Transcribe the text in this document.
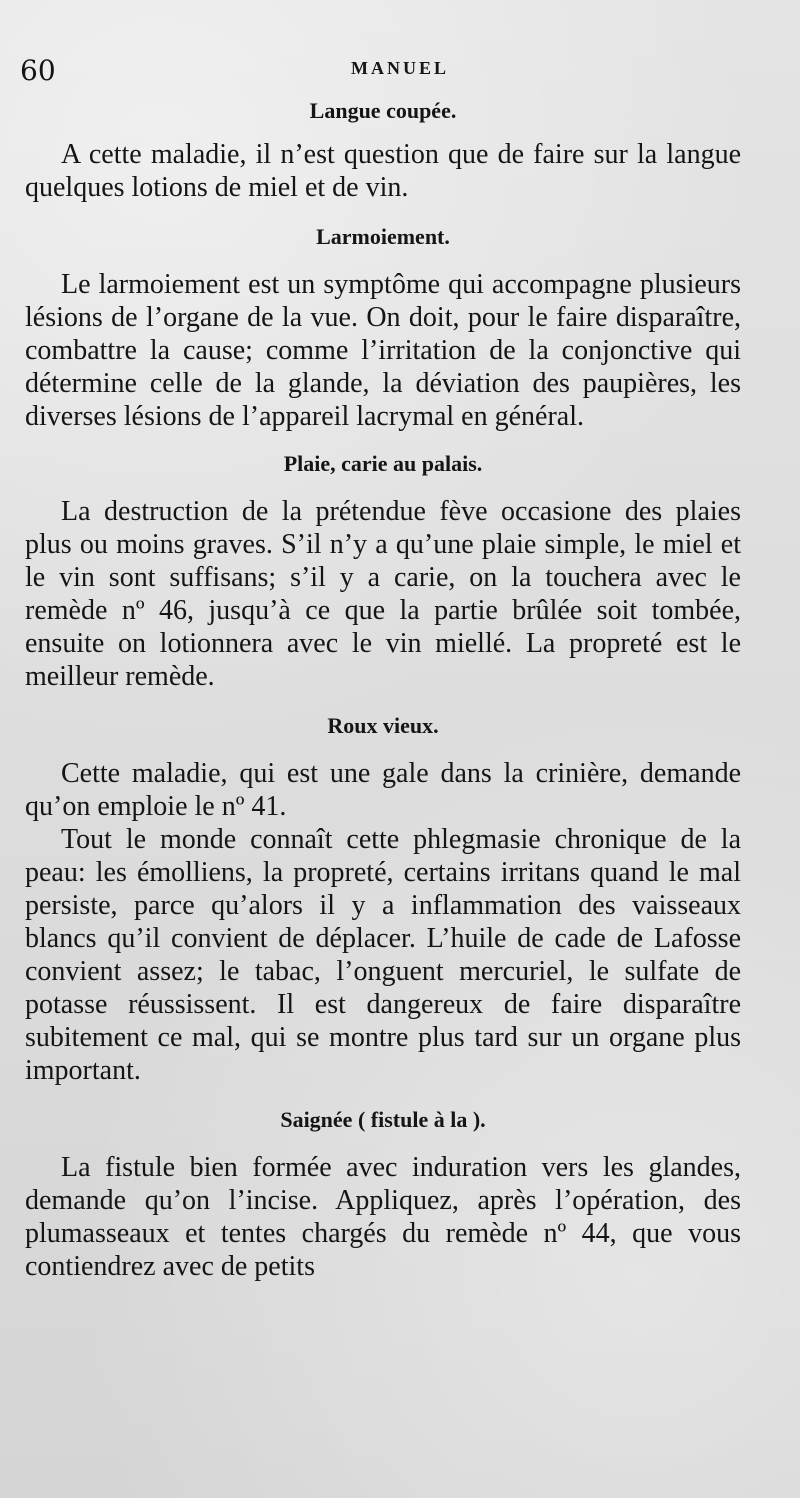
60	MANUEL
Langue coupée.

A cette maladie, il n’est question que de faire sur la langue quelques lotions de miel et de vin.

Larmoiement.

Le larmoiement est un symptôme qui accompagne plusieurs lésions de l’organe de la vue. On doit, pour le faire disparaître, combattre la cause; comme l’irritation de la conjonctive qui détermine celle de la glande, la déviation des paupières, les diverses lésions de l’appareil lacrymal en général.

Plaie, carie au palais.

La destruction de la prétendue fève occasione des plaies plus ou moins graves. S’il n’y a qu’une plaie simple, le miel et le vin sont suffisans; s’il y a carie, on la touchera avec le remède nº 46, jusqu’à ce que la partie brûlée soit tombée, ensuite on lotionnera avec le vin miellé. La propreté est le meilleur remède.

Roux vieux.

Cette maladie, qui est une gale dans la crinière, demande qu’on emploie le nº 41.

Tout le monde connaît cette phlegmasie chronique de la peau: les émolliens, la propreté, certains irritans quand le mal persiste, parce qu’alors il y a inflammation des vaisseaux blancs qu’il convient de déplacer. L’huile de cade de Lafosse convient assez; le tabac, l’onguent mercuriel, le sulfate de potasse réussissent. Il est dangereux de faire disparaître subitement ce mal, qui se montre plus tard sur un organe plus important.

Saignée ( fistule à la ).

La fistule bien formée avec induration vers les glandes, demande qu’on l’incise. Appliquez, après l’opération, des plumasseaux et tentes chargés du remède nº 44, que vous contiendrez avec de petits
